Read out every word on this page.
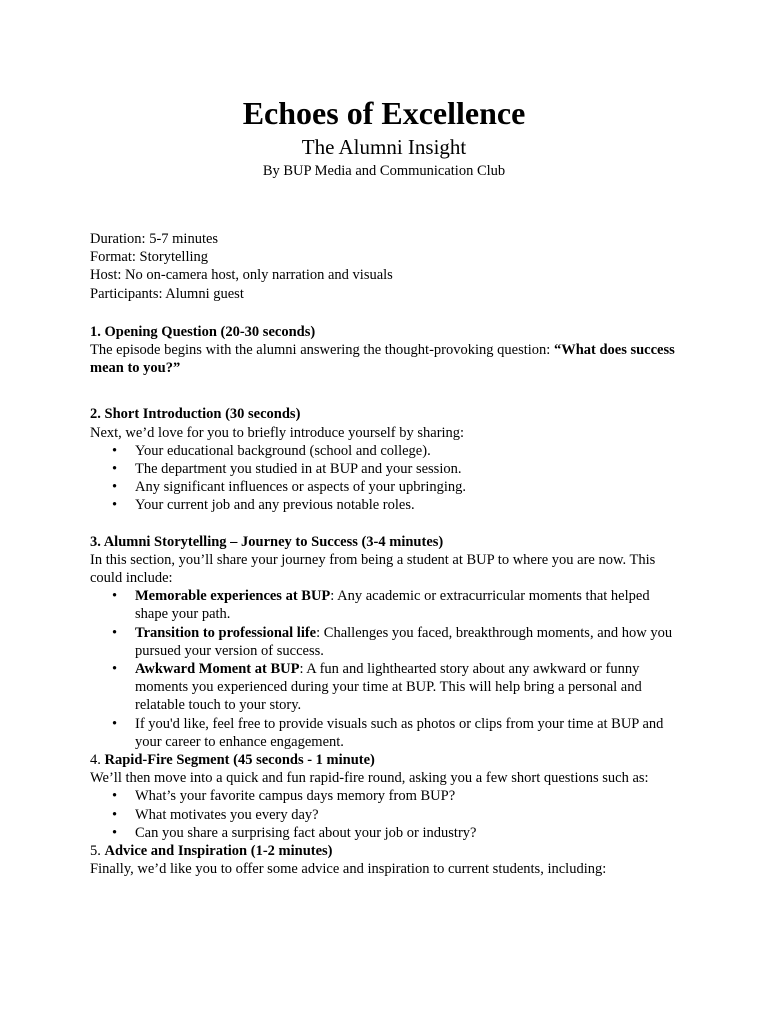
Echoes of Excellence
The Alumni Insight
By BUP Media and Communication Club

Duration: 5-7 minutes

Format: Storytelling

Host: No on-camera host, only narration and visuals

Participants: Alumni guest

1. Opening Question (20-30 seconds)

The episode begins with the alumni answering the thought-provoking question: “What does success mean to you?”

2. Short Introduction (30 seconds)

Next, we’d love for you to briefly introduce yourself by sharing:

• Your educational background (school and college).
• The department you studied in at BUP and your session.
• Any significant influences or aspects of your upbringing.
• Your current job and any previous notable roles.

3. Alumni Storytelling – Journey to Success (3-4 minutes)

In this section, you’ll share your journey from being a student at BUP to where you are now. This could include:

• Memorable experiences at BUP: Any academic or extracurricular moments that helped shape your path.
• Transition to professional life: Challenges you faced, breakthrough moments, and how you pursued your version of success.
• Awkward Moment at BUP: A fun and lighthearted story about any awkward or funny moments you experienced during your time at BUP. This will help bring a personal and relatable touch to your story.
• If you'd like, feel free to provide visuals such as photos or clips from your time at BUP and your career to enhance engagement.

4. Rapid-Fire Segment (45 seconds - 1 minute)

We’ll then move into a quick and fun rapid-fire round, asking you a few short questions such as:

• What’s your favorite campus days memory from BUP?
• What motivates you every day?
• Can you share a surprising fact about your job or industry?

5. Advice and Inspiration (1-2 minutes)

Finally, we’d like you to offer some advice and inspiration to current students, including:
